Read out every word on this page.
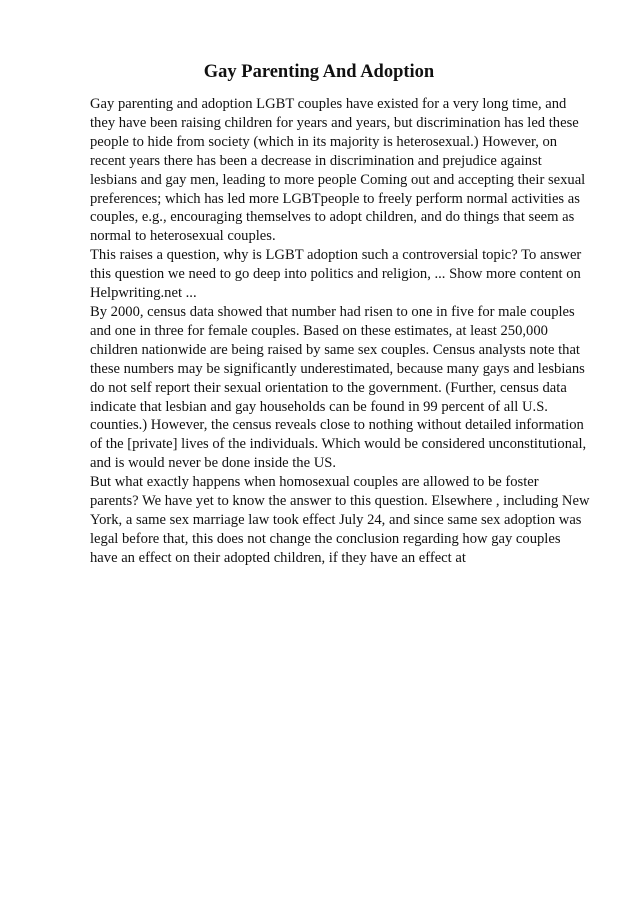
Gay Parenting And Adoption

Gay parenting and adoption LGBT couples have existed for a very long time, and they have been raising children for years and years, but discrimination has led these people to hide from society (which in its majority is heterosexual.) However, on recent years there has been a decrease in discrimination and prejudice against lesbians and gay men, leading to more people Coming out and accepting their sexual preferences; which has led more LGBTpeople to freely perform normal activities as couples, e.g., encouraging themselves to adopt children, and do things that seem as normal to heterosexual couples.

This raises a question, why is LGBT adoption such a controversial topic? To answer this question we need to go deep into politics and religion, ... Show more content on Helpwriting.net ...

By 2000, census data showed that number had risen to one in five for male couples and one in three for female couples. Based on these estimates, at least 250,000 children nationwide are being raised by same sex couples. Census analysts note that these numbers may be significantly underestimated, because many gays and lesbians do not self report their sexual orientation to the government. (Further, census data indicate that lesbian and gay households can be found in 99 percent of all U.S. counties.) However, the census reveals close to nothing without detailed information of the [private] lives of the individuals. Which would be considered unconstitutional, and is would never be done inside the US.

But what exactly happens when homosexual couples are allowed to be foster parents? We have yet to know the answer to this question. Elsewhere , including New York, a same sex marriage law took effect July 24, and since same sex adoption was legal before that, this does not change the conclusion regarding how gay couples have an effect on their adopted children, if they have an effect at
